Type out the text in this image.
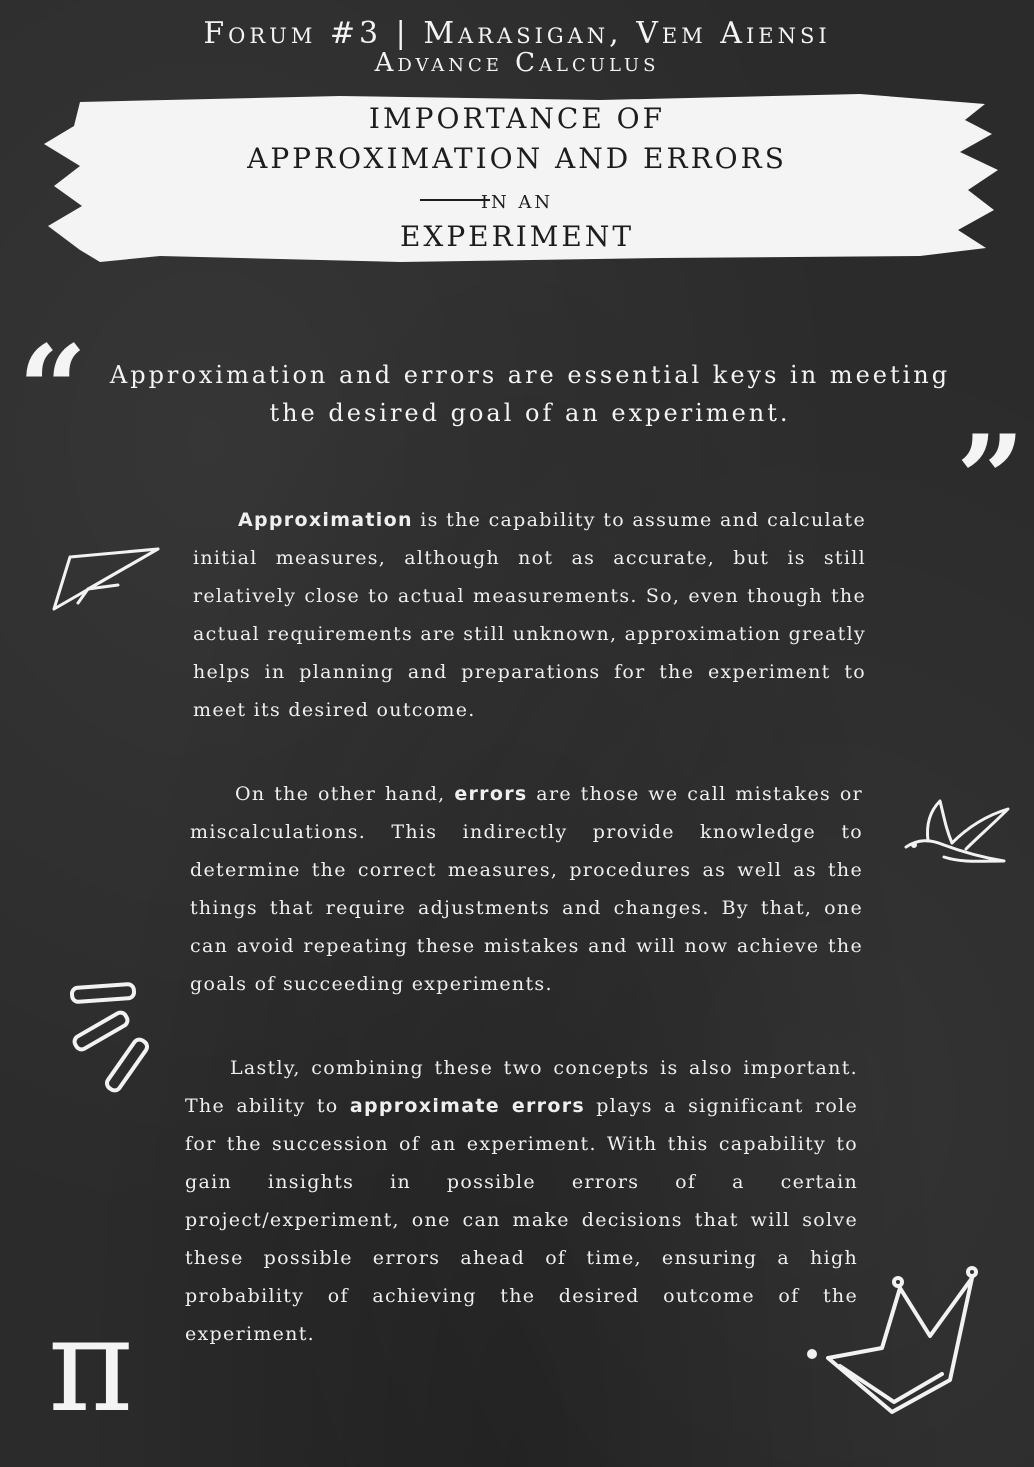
Forum #3 | Marasigan, Vem Aiensi
Advance Calculus
IMPORTANCE OF
APPROXIMATION AND ERRORS
IN AN
EXPERIMENT
“
”
Approximation and errors are essential keys in meeting the desired goal of an experiment.

Approximation is the capability to assume and calculate initial measures, although not as accurate, but is still relatively close to actual measurements. So, even though the actual requirements are still unknown, approximation greatly helps in planning and preparations for the experiment to meet its desired outcome.

On the other hand, errors are those we call mistakes or miscalculations. This indirectly provide knowledge to determine the correct measures, procedures as well as the things that require adjustments and changes. By that, one can avoid repeating these mistakes and will now achieve the goals of succeeding experiments.

Lastly, combining these two concepts is also important. The ability to approximate errors plays a significant role for the succession of an experiment. With this capability to gain insights in possible errors of a certain project/experiment, one can make decisions that will solve these possible errors ahead of time, ensuring a high probability of achieving the desired outcome of the experiment.

π
